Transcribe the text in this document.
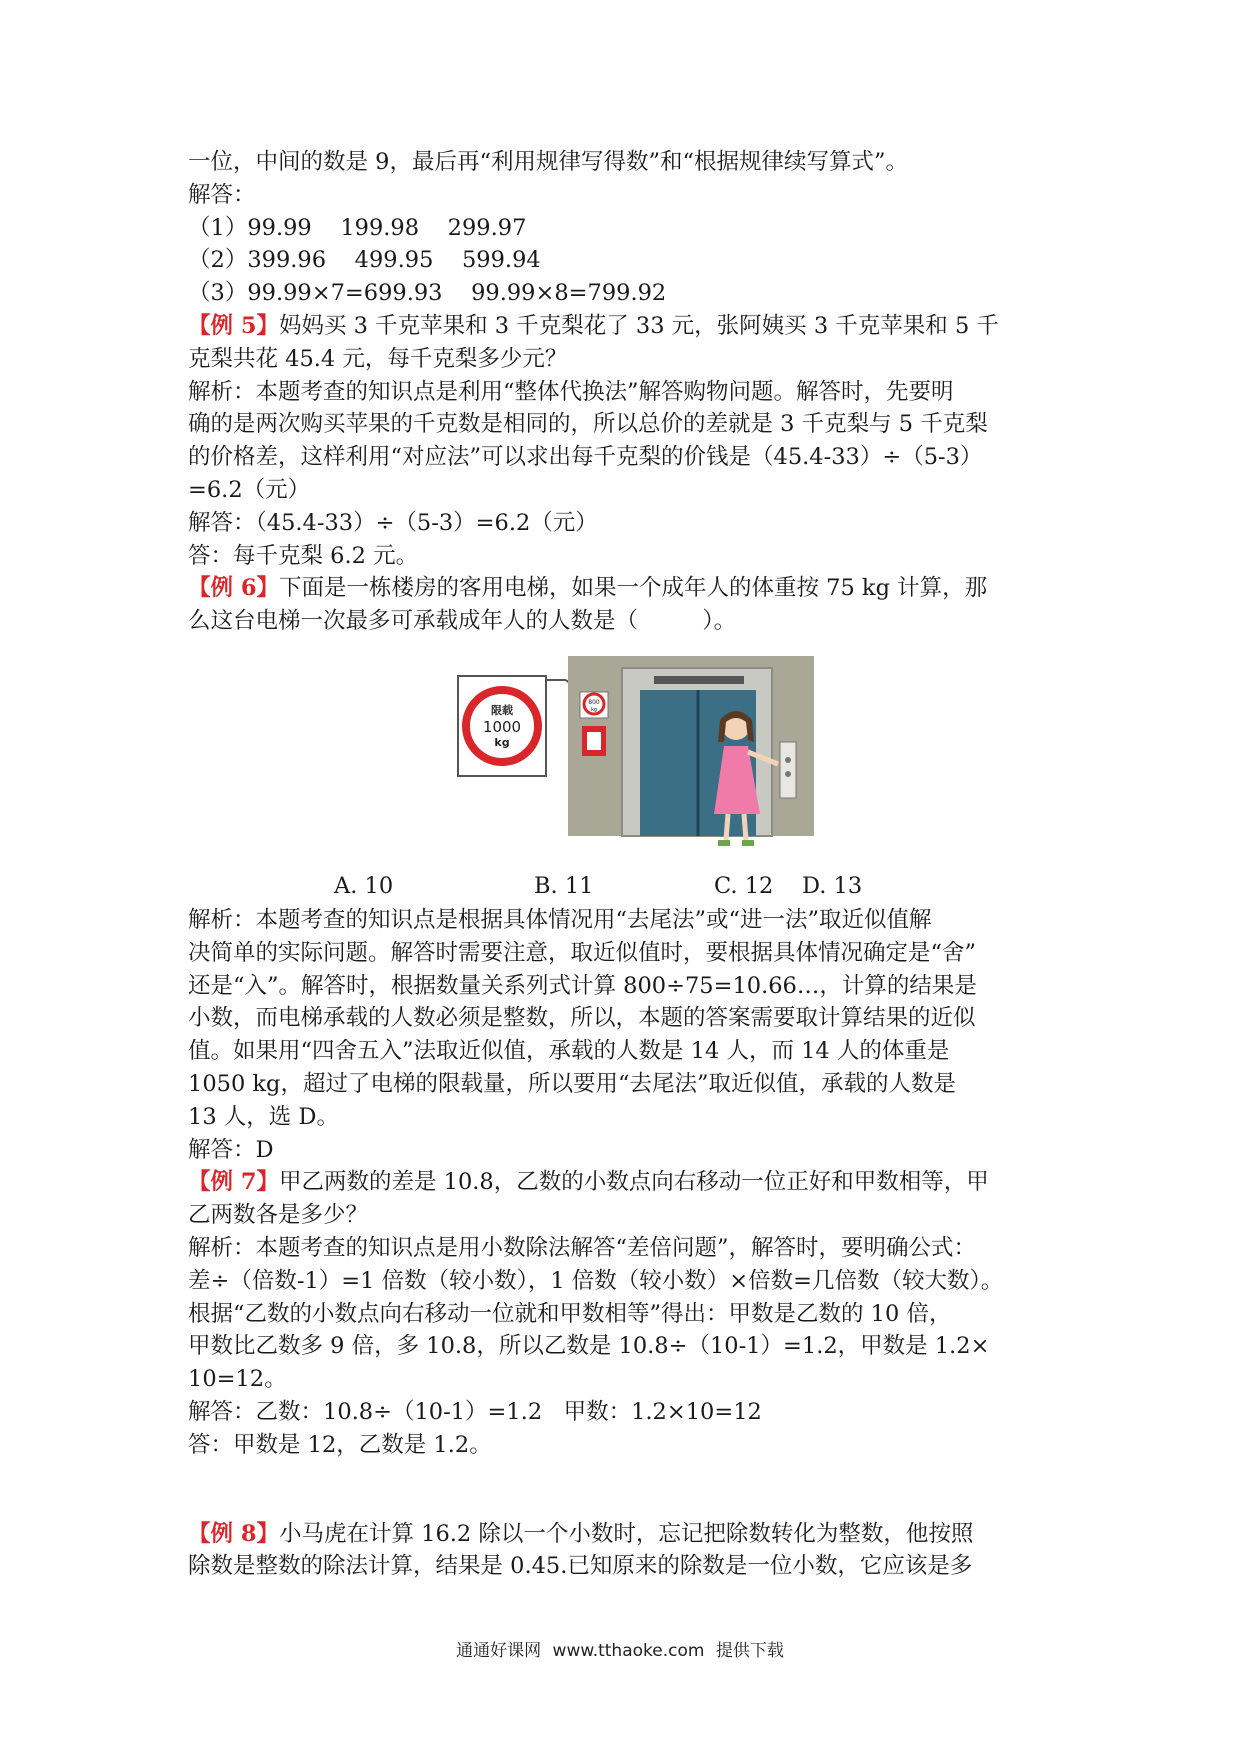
一位，中间的数是 9，最后再“利用规律写得数”和“根据规律续写算式”。
解答：
（1）99.99    199.98    299.97
（2）399.96    499.95    599.94
（3）99.99×7=699.93    99.99×8=799.92
【例 5】妈妈买 3 千克苹果和 3 千克梨花了 33 元，张阿姨买 3 千克苹果和 5 千
克梨共花 45.4 元，每千克梨多少元？
解析：本题考查的知识点是利用“整体代换法”解答购物问题。解答时，先要明
确的是两次购买苹果的千克数是相同的，所以总价的差就是 3 千克梨与 5 千克梨
的价格差，这样利用“对应法”可以求出每千克梨的价钱是（45.4-33）÷（5-3）
=6.2（元）
解答：（45.4-33）÷（5-3）=6.2（元）
答：每千克梨 6.2 元。
【例 6】下面是一栋楼房的客用电梯，如果一个成年人的体重按 75 kg 计算，那
么这台电梯一次最多可承载成年人的人数是（         ）。
限载
1000
kg
800
kg
A. 10	B. 11	C. 12 D. 13
解析：本题考查的知识点是根据具体情况用“去尾法”或“进一法”取近似值解
决简单的实际问题。解答时需要注意，取近似值时，要根据具体情况确定是“舍”
还是“入”。解答时，根据数量关系列式计算 800÷75=10.66…，计算的结果是
小数，而电梯承载的人数必须是整数，所以，本题的答案需要取计算结果的近似
值。如果用“四舍五入”法取近似值，承载的人数是 14 人，而 14 人的体重是
1050 kg，超过了电梯的限载量，所以要用“去尾法”取近似值，承载的人数是
13 人，选 D。
解答：D
【例 7】甲乙两数的差是 10.8，乙数的小数点向右移动一位正好和甲数相等，甲
乙两数各是多少？
解析：本题考查的知识点是用小数除法解答“差倍问题”，解答时，要明确公式：
差÷（倍数-1）=1 倍数（较小数），1 倍数（较小数）×倍数=几倍数（较大数）。
根据“乙数的小数点向右移动一位就和甲数相等”得出：甲数是乙数的 10 倍，
甲数比乙数多 9 倍，多 10.8，所以乙数是 10.8÷（10-1）=1.2，甲数是 1.2×
10=12。
解答：乙数：10.8÷（10-1）=1.2   甲数：1.2×10=12
答：甲数是 12，乙数是 1.2。
【例 8】小马虎在计算 16.2 除以一个小数时，忘记把除数转化为整数，他按照
除数是整数的除法计算，结果是 0.45.已知原来的除数是一位小数，它应该是多
通通好课网 www.tthaoke.com 提供下载
